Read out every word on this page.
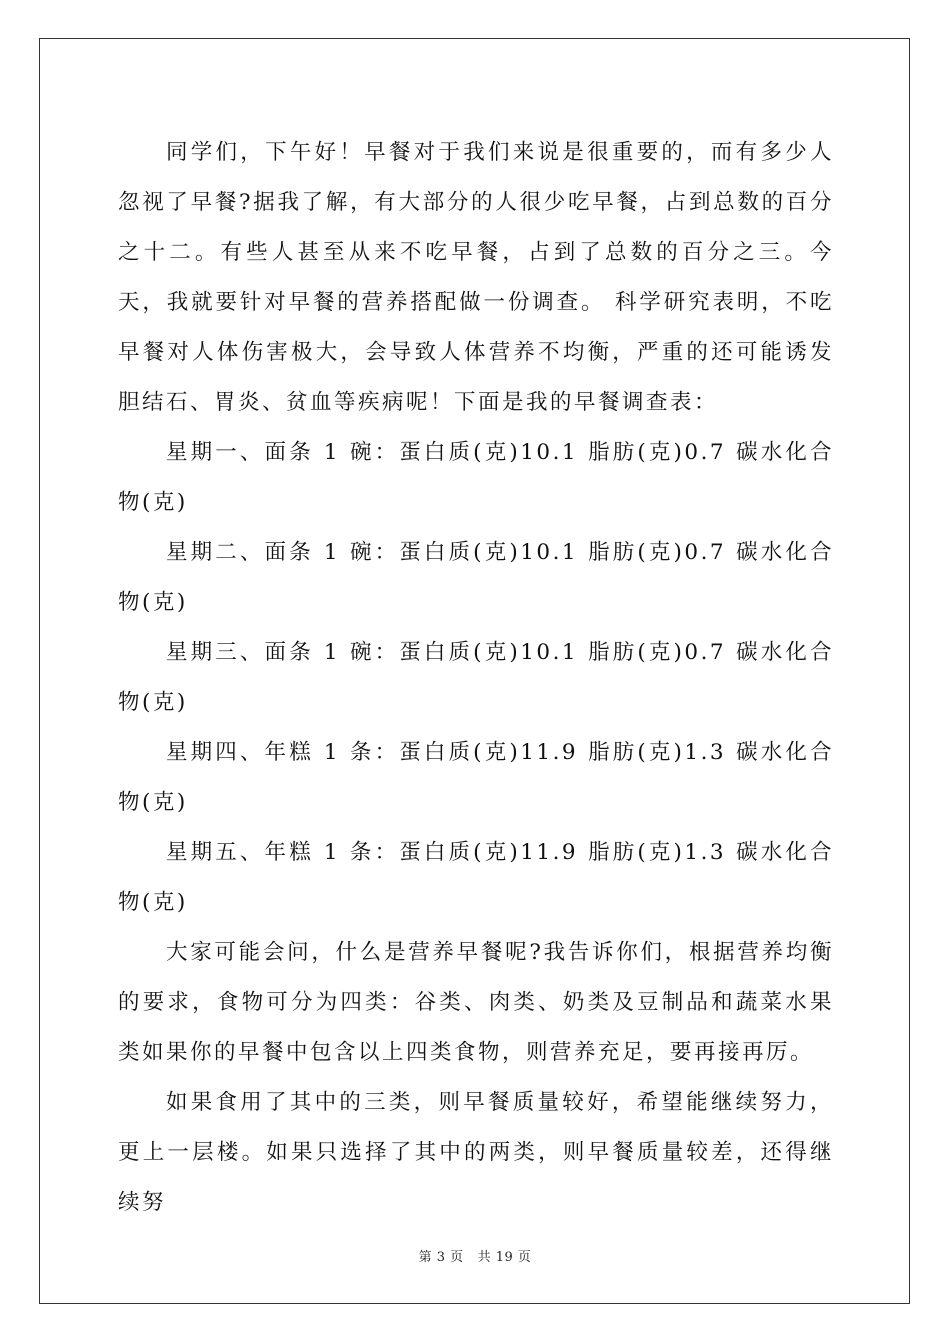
同学们，下午好！早餐对于我们来说是很重要的，而有多少人忽视了早餐?据我了解，有大部分的人很少吃早餐，占到总数的百分之十二。有些人甚至从来不吃早餐，占到了总数的百分之三。今天，我就要针对早餐的营养搭配做一份调查。 科学研究表明，不吃早餐对人体伤害极大，会导致人体营养不均衡，严重的还可能诱发胆结石、胃炎、贫血等疾病呢！下面是我的早餐调查表：

星期一、面条 1 碗：蛋白质(克)10.1 脂肪(克)0.7 碳水化合物(克)

星期二、面条 1 碗：蛋白质(克)10.1 脂肪(克)0.7 碳水化合物(克)

星期三、面条 1 碗：蛋白质(克)10.1 脂肪(克)0.7 碳水化合物(克)

星期四、年糕 1 条：蛋白质(克)11.9 脂肪(克)1.3 碳水化合物(克)

星期五、年糕 1 条：蛋白质(克)11.9 脂肪(克)1.3 碳水化合物(克)

大家可能会问，什么是营养早餐呢?我告诉你们，根据营养均衡的要求，食物可分为四类：谷类、肉类、奶类及豆制品和蔬菜水果类如果你的早餐中包含以上四类食物，则营养充足，要再接再厉。

如果食用了其中的三类，则早餐质量较好，希望能继续努力，更上一层楼。如果只选择了其中的两类，则早餐质量较差，还得继续努

第 3 页 共 19 页
